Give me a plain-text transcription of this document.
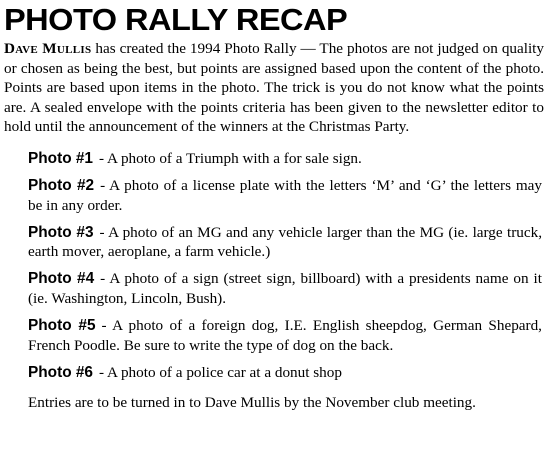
PHOTO RALLY RECAP

Dave Mullis has created the 1994 Photo Rally — The photos are not judged on quality or chosen as being the best, but points are assigned based upon the content of the photo. Points are based upon items in the photo. The trick is you do not know what the points are. A sealed envelope with the points criteria has been given to the newsletter editor to hold until the announcement of the winners at the Christmas Party.

Photo #1 - A photo of a Triumph with a for sale sign.
Photo #2 - A photo of a license plate with the letters ‘M’ and ‘G’ the letters may be in any order.
Photo #3 - A photo of an MG and any vehicle larger than the MG (ie. large truck, earth mover, aeroplane, a farm vehicle.)
Photo #4 - A photo of a sign (street sign, billboard) with a presidents name on it (ie. Washington, Lincoln, Bush).
Photo #5 - A photo of a foreign dog, I.E. English sheepdog, German Shepard, French Poodle. Be sure to write the type of dog on the back.
Photo #6 - A photo of a police car at a donut shop

Entries are to be turned in to Dave Mullis by the November club meeting.
